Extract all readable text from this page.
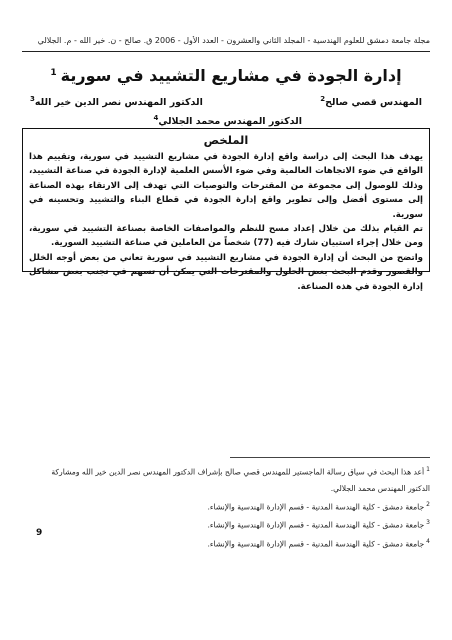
مجلة جامعة دمشق للعلوم الهندسية - المجلد الثاني والعشرون - العدد الأول - 2006 ق. صالح - ن. خير الله - م. الجلالي
إدارة الجودة في مشاريع التشييد في سورية$^1$
المهندس قصي صالح$^2$
الدكتور المهندس نصر الدين خير الله$^3$
الدكتور المهندس محمد الجلالي$^4$
الملخص

يهدف هذا البحث إلى دراسة واقع إدارة الجودة في مشاريع التشييد في سورية، وتقييم هذا الواقع في ضوء الاتجاهات العالمية وفي ضوء الأسس العلمية لإدارة الجودة في صناعة التشييد، وذلك للوصول إلى مجموعة من المقترحات والتوصيات التي تهدف إلى الارتقاء بهذه الصناعة إلى مستوى أفضل وإلى تطوير واقع إدارة الجودة في قطاع البناء والتشييد وتحسينه في سورية.

تم القيام بذلك من خلال إعداد مسح للنظم والمواصفات الخاصة بصناعة التشييد في سورية، ومن خلال إجراء استبيان شارك فيه (77) شخصاً من العاملين في صناعة التشييد السورية.

واتضح من البحث أن إدارة الجودة في مشاريع التشييد في سورية تعاني من بعض أوجه الخلل والقصور وقدم البحث بعض الحلول والمقترحات التي يمكن أن تسهم في تجنب بعض مشاكل إدارة الجودة في هذه الصناعة.

$^1$أعد هذا البحث في سياق رسالة الماجستير للمهندس قصي صالح بإشراف الدكتور المهندس نصر الدين خير الله ومشاركة الدكتور المهندس محمد الجلالي.

$^2$جامعة دمشق - كلية الهندسة المدنية - قسم الإدارة الهندسية والإنشاء.

$^3$جامعة دمشق - كلية الهندسة المدنية - قسم الإدارة الهندسية والإنشاء.

$^4$جامعة دمشق - كلية الهندسة المدنية - قسم الإدارة الهندسية والإنشاء.

9
